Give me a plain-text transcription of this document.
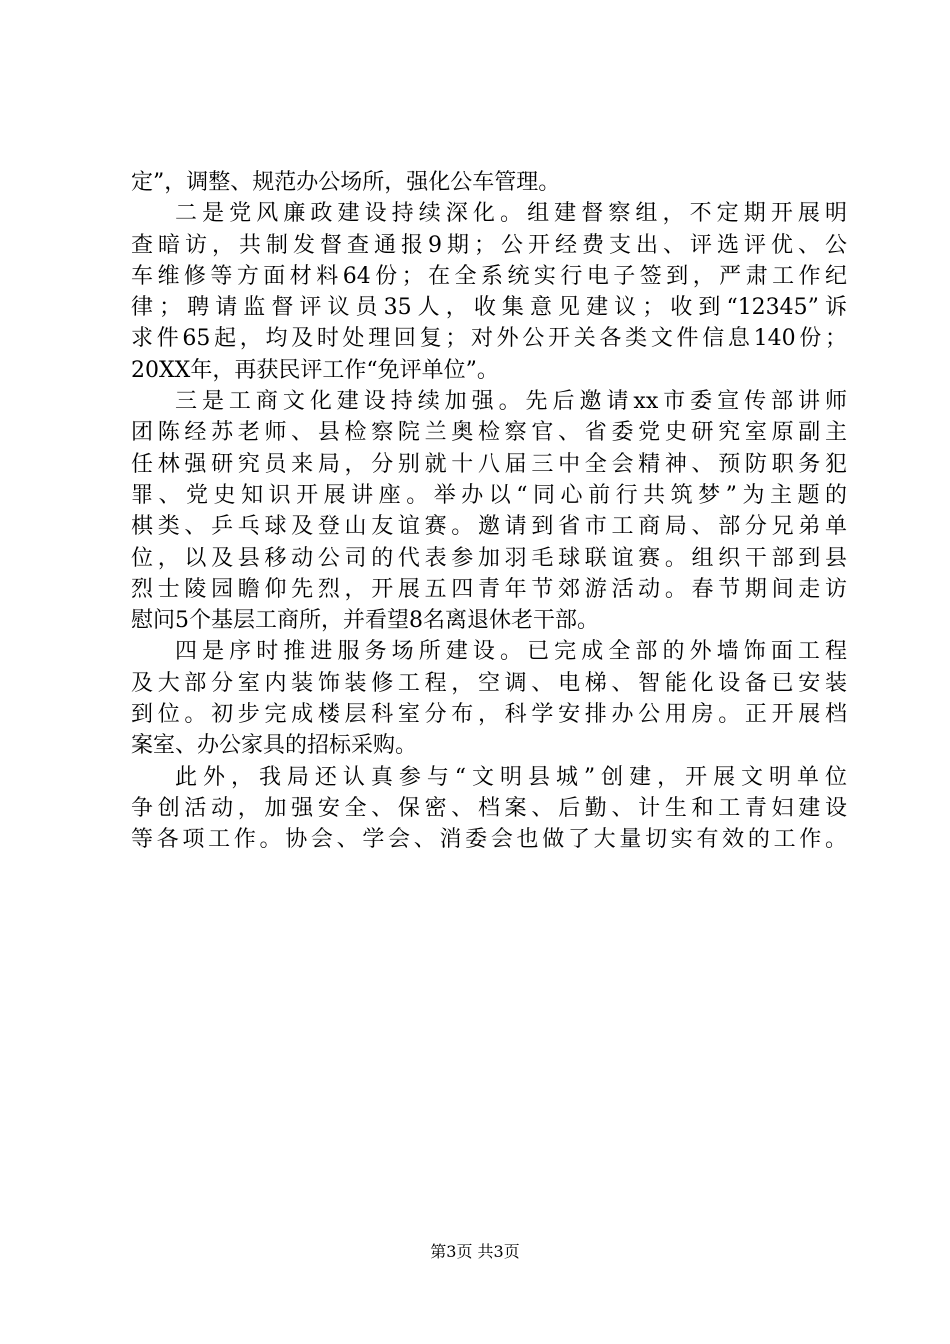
定”，调整、规范办公场所，强化公车管理。
二是党风廉政建设持续深化。组建督察组，不定期开展明
查暗访，共制发督查通报9期；公开经费支出、评选评优、公
车维修等方面材料64份；在全系统实行电子签到，严肃工作纪
律；聘请监督评议员35人，收集意见建议；收到“12345”诉
求件65起，均及时处理回复；对外公开关各类文件信息140份；
20XX年，再获民评工作“免评单位”。
三是工商文化建设持续加强。先后邀请xx市委宣传部讲师
团陈经苏老师、县检察院兰奥检察官、省委党史研究室原副主
任林强研究员来局，分别就十八届三中全会精神、预防职务犯
罪、党史知识开展讲座。举办以“同心前行共筑梦”为主题的
棋类、乒乓球及登山友谊赛。邀请到省市工商局、部分兄弟单
位，以及县移动公司的代表参加羽毛球联谊赛。组织干部到县
烈士陵园瞻仰先烈，开展五四青年节郊游活动。春节期间走访
慰问5个基层工商所，并看望8名离退休老干部。
四是序时推进服务场所建设。已完成全部的外墙饰面工程
及大部分室内装饰装修工程，空调、电梯、智能化设备已安装
到位。初步完成楼层科室分布，科学安排办公用房。正开展档
案室、办公家具的招标采购。
此外，我局还认真参与“文明县城”创建，开展文明单位
争创活动，加强安全、保密、档案、后勤、计生和工青妇建设
等各项工作。协会、学会、消委会也做了大量切实有效的工作。
第3页 共3页
